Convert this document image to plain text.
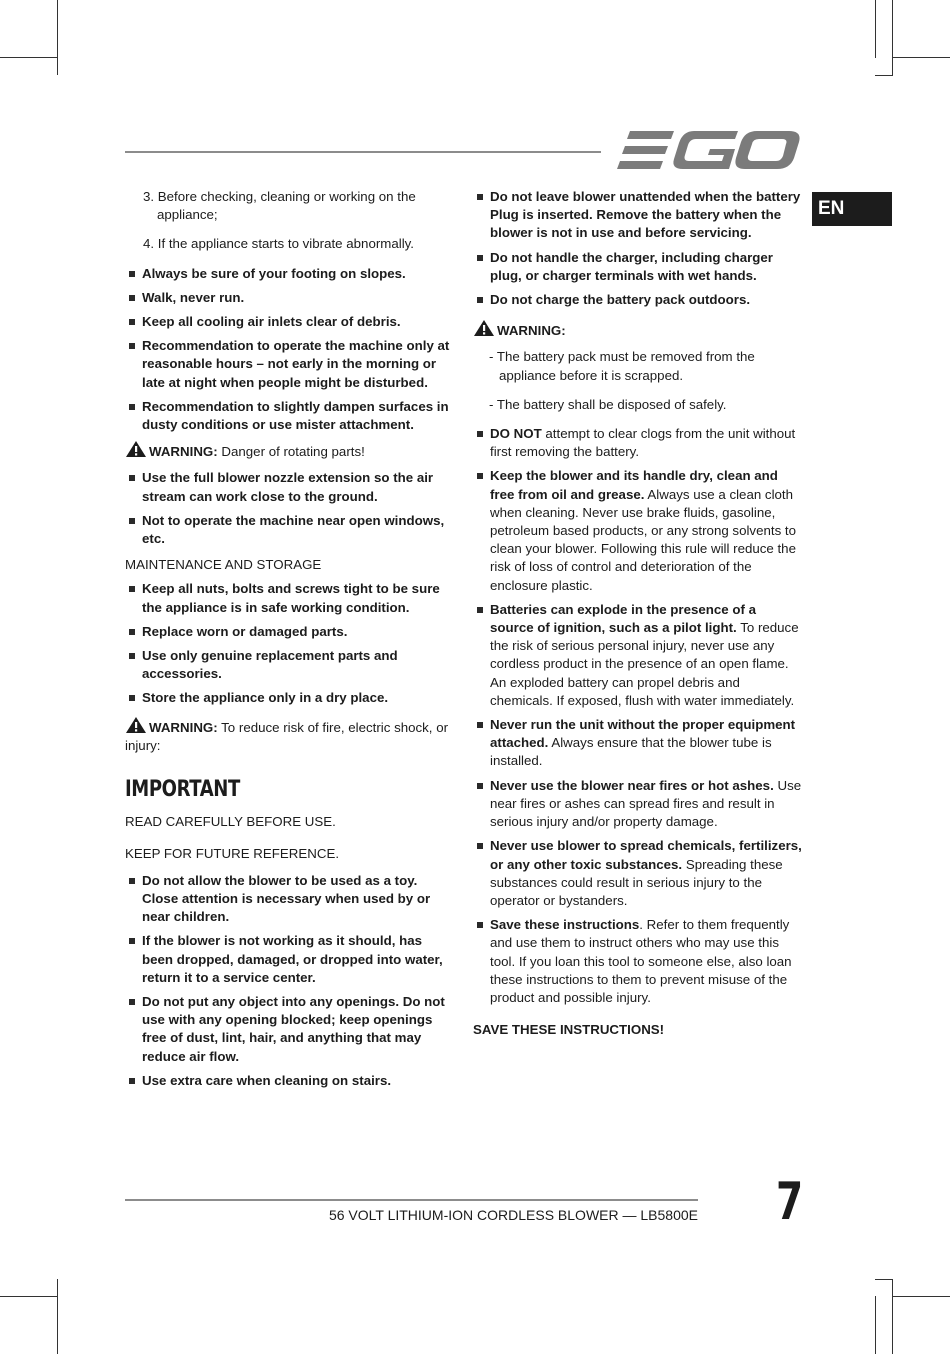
EN

3. Before checking, cleaning or working on the appliance;

4. If the appliance starts to vibrate abnormally.

Always be sure of your footing on slopes.
Walk, never run.
Keep all cooling air inlets clear of debris.
Recommendation to operate the machine only at reasonable hours – not early in the morning or late at night when people might be disturbed.
Recommendation to slightly dampen surfaces in dusty conditions or use mister attachment.

WARNING: Danger of rotating parts!

Use the full blower nozzle extension so the air stream can work close to the ground.
Not to operate the machine near open windows, etc.

MAINTENANCE AND STORAGE

Keep all nuts, bolts and screws tight to be sure the appliance is in safe working condition.
Replace worn or damaged parts.
Use only genuine replacement parts and accessories.
Store the appliance only in a dry place.

WARNING: To reduce risk of fire, electric shock, or injury:

IMPORTANT

READ CAREFULLY BEFORE USE.

KEEP FOR FUTURE REFERENCE.

Do not allow the blower to be used as a toy. Close attention is necessary when used by or near children.
If the blower is not working as it should, has been dropped, damaged, or dropped into water, return it to a service center.
Do not put any object into any openings. Do not use with any opening blocked; keep openings free of dust, lint, hair, and anything that may reduce air flow.
Use extra care when cleaning on stairs.
Do not leave blower unattended when the battery Plug is inserted. Remove the battery when the blower is not in use and before servicing.
Do not handle the charger, including charger plug, or charger terminals with wet hands.
Do not charge the battery pack outdoors.

WARNING:

- The battery pack must be removed from the appliance before it is scrapped.

- The battery shall be disposed of safely.

DO NOT attempt to clear clogs from the unit without first removing the battery.
Keep the blower and its handle dry, clean and free from oil and grease. Always use a clean cloth when cleaning. Never use brake fluids, gasoline, petroleum based products, or any strong solvents to clean your blower. Following this rule will reduce the risk of loss of control and deterioration of the enclosure plastic.
Batteries can explode in the presence of a source of ignition, such as a pilot light. To reduce the risk of serious personal injury, never use any cordless product in the presence of an open flame. An exploded battery can propel debris and chemicals. If exposed, flush with water immediately.
Never run the unit without the proper equipment attached. Always ensure that the blower tube is installed.
Never use the blower near fires or hot ashes. Use near fires or ashes can spread fires and result in serious injury and/or property damage.
Never use blower to spread chemicals, fertilizers, or any other toxic substances. Spreading these substances could result in serious injury to the operator or bystanders.
Save these instructions. Refer to them frequently and use them to instruct others who may use this tool. If you loan this tool to someone else, also loan these instructions to them to prevent misuse of the product and possible injury.

SAVE THESE INSTRUCTIONS!

56 VOLT LITHIUM-ION CORDLESS BLOWER — LB5800E 7
